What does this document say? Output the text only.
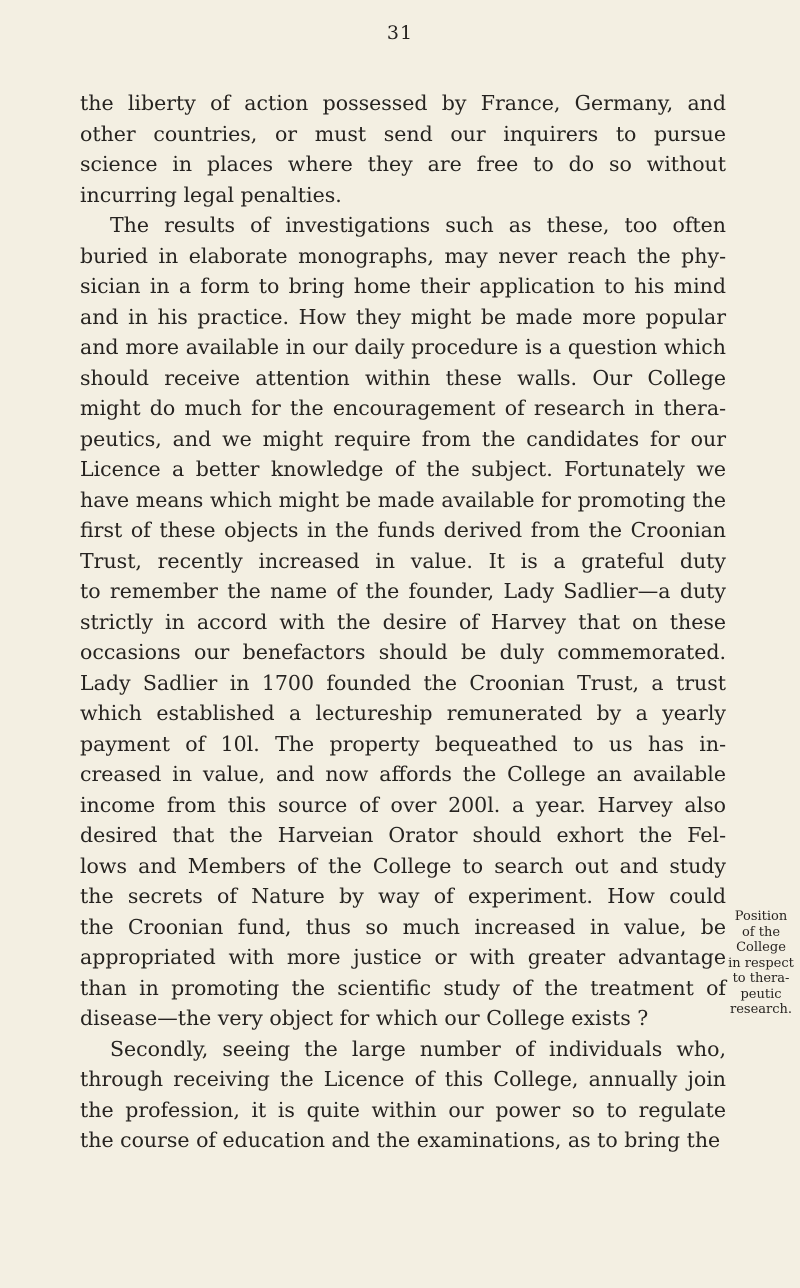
31
the liberty of action possessed by France, Germany, and
other countries, or must send our inquirers to pursue
science in places where they are free to do so without
incurring legal penalties.
The results of investigations such as these, too often
buried in elaborate monographs, may never reach the phy-
sician in a form to bring home their application to his mind
and in his practice. How they might be made more popular
and more available in our daily procedure is a question which
should receive attention within these walls. Our College
might do much for the encouragement of research in thera-
peutics, and we might require from the candidates for our
Licence a better knowledge of the subject. Fortunately we
have means which might be made available for promoting the
first of these objects in the funds derived from the Croonian
Trust, recently increased in value. It is a grateful duty
to remember the name of the founder, Lady Sadlier—a duty
strictly in accord with the desire of Harvey that on these
occasions our benefactors should be duly commemorated.
Lady Sadlier in 1700 founded the Croonian Trust, a trust
which established a lectureship remunerated by a yearly
payment of 10l. The property bequeathed to us has in-
creased in value, and now affords the College an available
income from this source of over 200l. a year. Harvey also
desired that the Harveian Orator should exhort the Fel-
lows and Members of the College to search out and study
the secrets of Nature by way of experiment. How could
the Croonian fund, thus so much increased in value, be
appropriated with more justice or with greater advantage
than in promoting the scientific study of the treatment of
disease—the very object for which our College exists ?
Secondly, seeing the large number of individuals who,
through receiving the Licence of this College, annually join
the profession, it is quite within our power so to regulate
the course of education and the examinations, as to bring the
Position
of the
College
in respect
to thera-
peutic
research.
